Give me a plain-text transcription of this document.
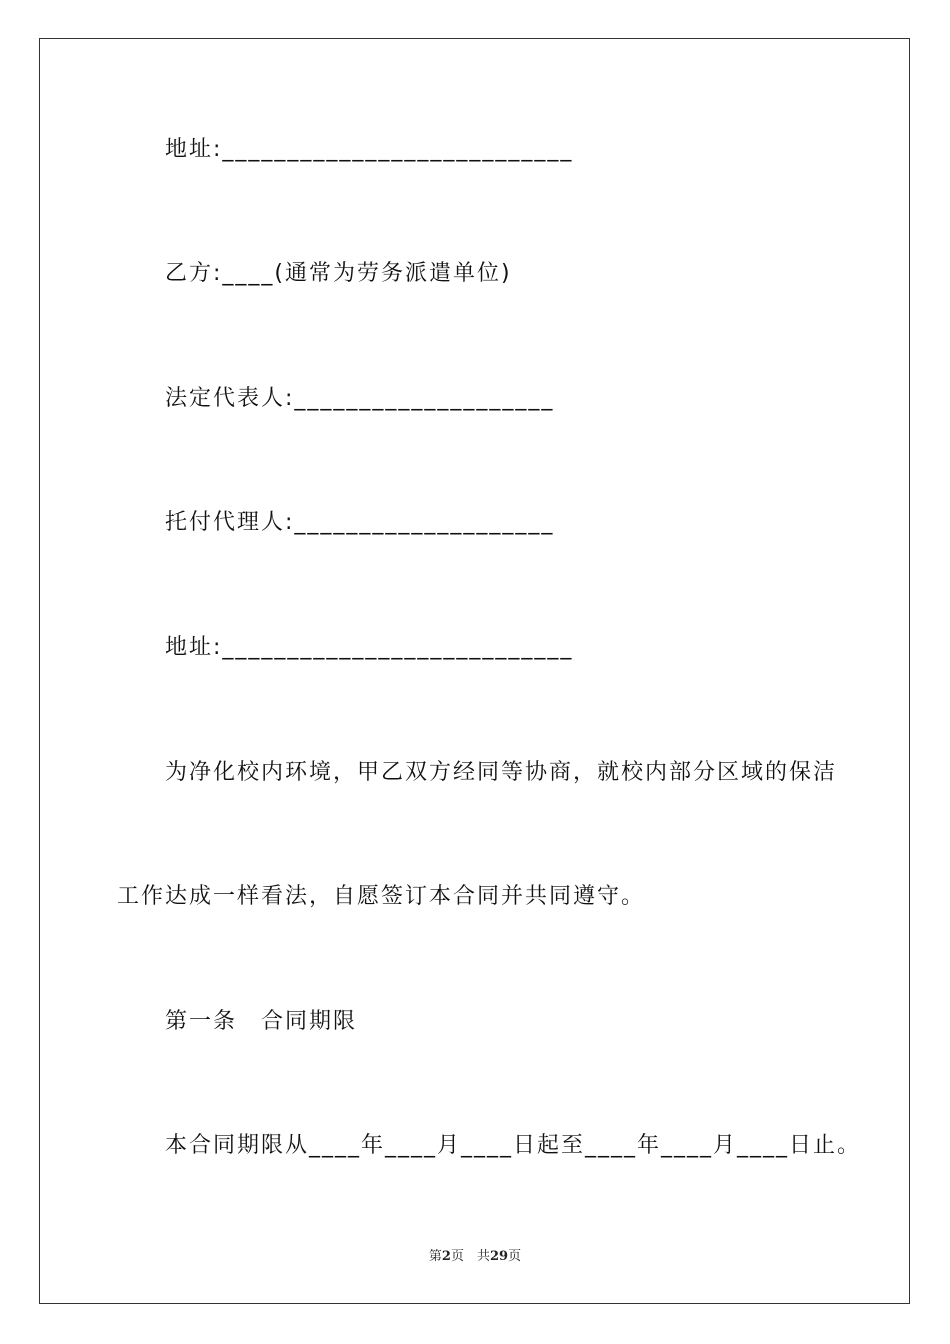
地址:___________________________
乙方:____(通常为劳务派遣单位)
法定代表人:____________________
托付代理人:____________________
地址:___________________________
为净化校内环境，甲乙双方经同等协商，就校内部分区域的保洁
工作达成一样看法，自愿签订本合同并共同遵守。
第一条　合同期限
本合同期限从____年____月____日起至____年____月____日止。
第2页　共29页
